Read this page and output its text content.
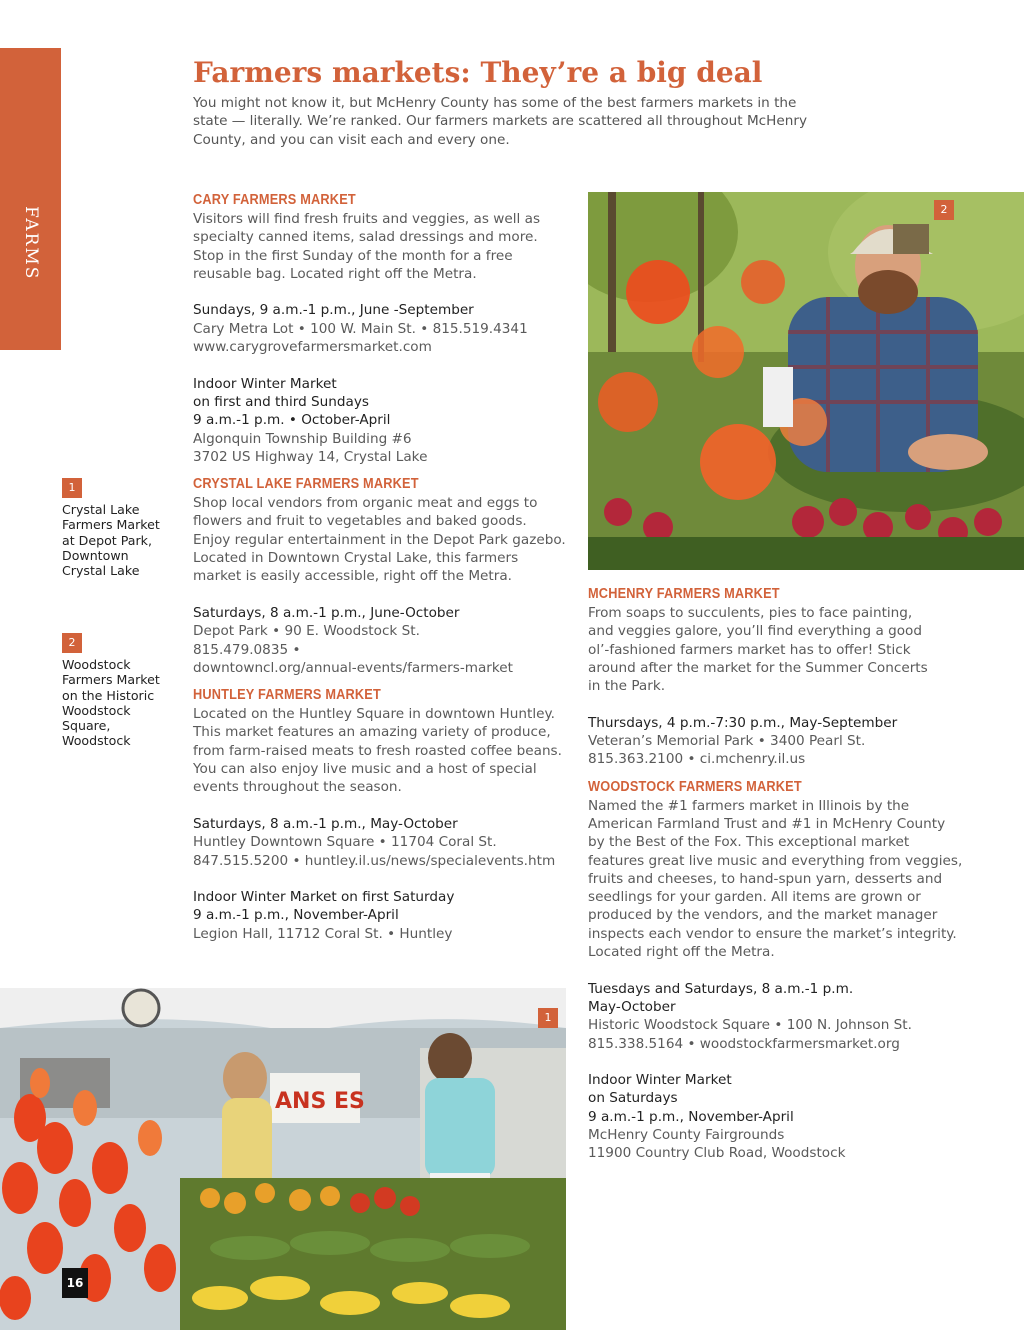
FARMS
Farmers markets: They’re a big deal

You might not know it, but McHenry County has some of the best farmers markets in the state — literally. We’re ranked. Our farmers markets are scattered all throughout McHenry County, and you can visit each and every one.

1
Crystal Lake
Farmers Market
at Depot Park,
Downtown
Crystal Lake
2
Woodstock
Farmers Market
on the Historic
Woodstock
Square,
Woodstock
CARY FARMERS MARKET

Visitors will find fresh fruits and veggies, as well as

specialty canned items, salad dressings and more.

Stop in the first Sunday of the month for a free

reusable bag. Located right off the Metra.

Sundays, 9 a.m.-1 p.m., June -September

Cary Metra Lot • 100 W. Main St. • 815.519.4341

www.carygrovefarmersmarket.com

Indoor Winter Market

on first and third Sundays

9 a.m.-1 p.m. • October-April

Algonquin Township Building #6

3702 US Highway 14, Crystal Lake

CRYSTAL LAKE FARMERS MARKET

Shop local vendors from organic meat and eggs to

flowers and fruit to vegetables and baked goods.

Enjoy regular entertainment in the Depot Park gazebo.

Located in Downtown Crystal Lake, this farmers

market is easily accessible, right off the Metra.

Saturdays, 8 a.m.-1 p.m., June-October

Depot Park • 90 E. Woodstock St.

815.479.0835 •

downtowncl.org/annual-events/farmers-market

HUNTLEY FARMERS MARKET

Located on the Huntley Square in downtown Huntley.

This market features an amazing variety of produce,

from farm-raised meats to fresh roasted coffee beans.

You can also enjoy live music and a host of special

events throughout the season.

Saturdays, 8 a.m.-1 p.m., May-October

Huntley Downtown Square • 11704 Coral St.

847.515.5200 • huntley.il.us/news/specialevents.htm

Indoor Winter Market on first Saturday

9 a.m.-1 p.m., November-April

Legion Hall, 11712 Coral St. • Huntley

MCHENRY FARMERS MARKET

From soaps to succulents, pies to face painting,

and veggies galore, you’ll find everything a good

ol’-fashioned farmers market has to offer! Stick

around after the market for the Summer Concerts

in the Park.

Thursdays, 4 p.m.-7:30 p.m., May-September

Veteran’s Memorial Park • 3400 Pearl St.

815.363.2100 • ci.mchenry.il.us

WOODSTOCK FARMERS MARKET

Named the #1 farmers market in Illinois by the

American Farmland Trust and #1 in McHenry County

by the Best of the Fox. This exceptional market

features great live music and everything from veggies,

fruits and cheeses, to hand-spun yarn, desserts and

seedlings for your garden. All items are grown or

produced by the vendors, and the market manager

inspects each vendor to ensure the market’s integrity.

Located right off the Metra.

Tuesdays and Saturdays, 8 a.m.-1 p.m.

May-October

Historic Woodstock Square • 100 N. Johnson St.

815.338.5164 • woodstockfarmersmarket.org

Indoor Winter Market

on Saturdays

9 a.m.-1 p.m., November-April

McHenry County Fairgrounds

11900 Country Club Road, Woodstock

2
ANS ES
1
16
